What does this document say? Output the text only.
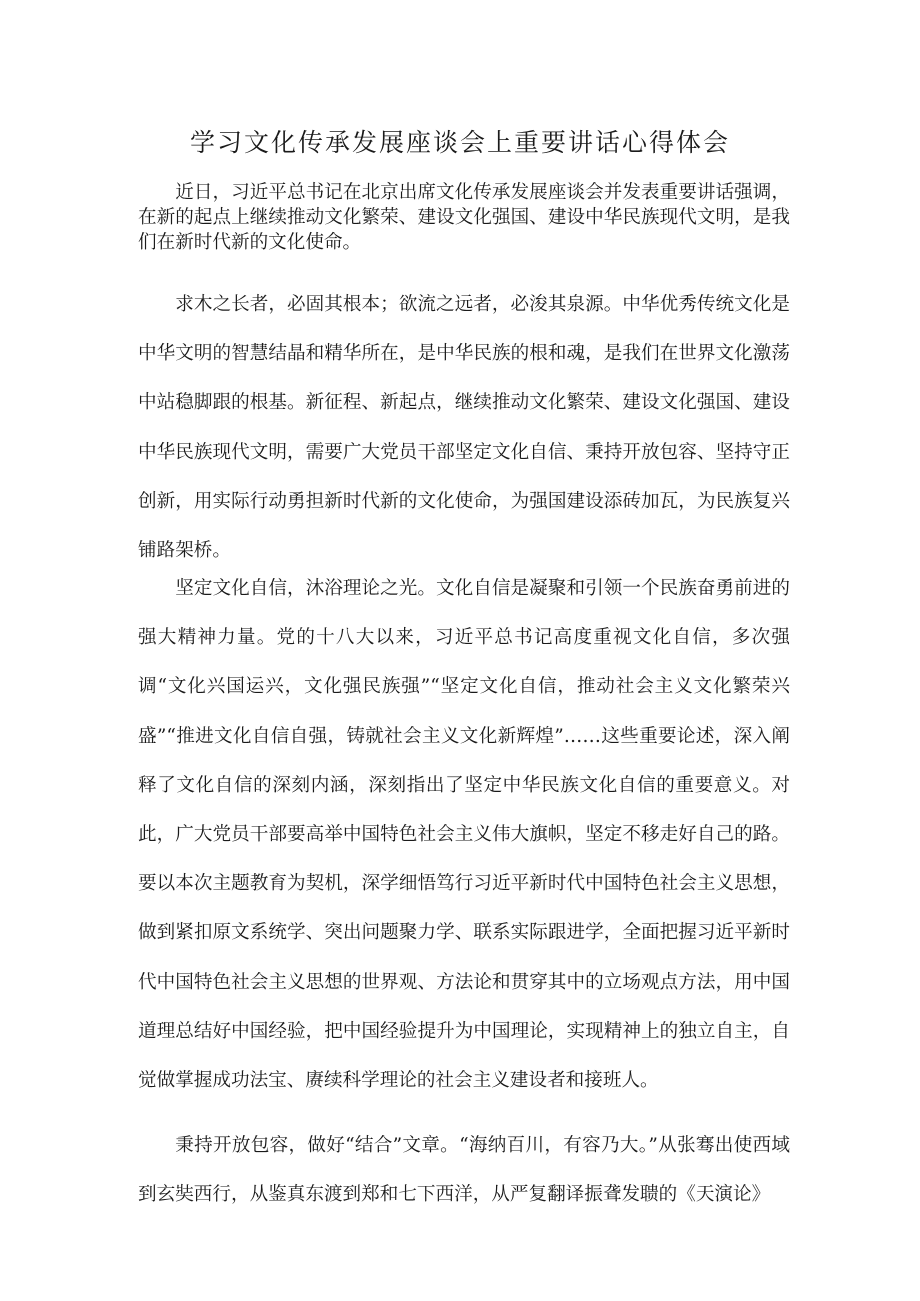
学习文化传承发展座谈会上重要讲话心得体会

近日，习近平总书记在北京出席文化传承发展座谈会并发表重要讲话强调，在新的起点上继续推动文化繁荣、建设文化强国、建设中华民族现代文明，是我们在新时代新的文化使命。

求木之长者，必固其根本；欲流之远者，必浚其泉源。中华优秀传统文化是中华文明的智慧结晶和精华所在，是中华民族的根和魂，是我们在世界文化激荡中站稳脚跟的根基。新征程、新起点，继续推动文化繁荣、建设文化强国、建设中华民族现代文明，需要广大党员干部坚定文化自信、秉持开放包容、坚持守正创新，用实际行动勇担新时代新的文化使命，为强国建设添砖加瓦，为民族复兴铺路架桥。

坚定文化自信，沐浴理论之光。文化自信是凝聚和引领一个民族奋勇前进的强大精神力量。党的十八大以来，习近平总书记高度重视文化自信，多次强调“文化兴国运兴，文化强民族强”“坚定文化自信，推动社会主义文化繁荣兴盛”“推进文化自信自强，铸就社会主义文化新辉煌”……这些重要论述，深入阐释了文化自信的深刻内涵，深刻指出了坚定中华民族文化自信的重要意义。对此，广大党员干部要高举中国特色社会主义伟大旗帜，坚定不移走好自己的路。要以本次主题教育为契机，深学细悟笃行习近平新时代中国特色社会主义思想，做到紧扣原文系统学、突出问题聚力学、联系实际跟进学，全面把握习近平新时代中国特色社会主义思想的世界观、方法论和贯穿其中的立场观点方法，用中国道理总结好中国经验，把中国经验提升为中国理论，实现精神上的独立自主，自觉做掌握成功法宝、赓续科学理论的社会主义建设者和接班人。

秉持开放包容，做好“结合”文章。“海纳百川，有容乃大。”从张骞出使西域到玄奘西行，从鉴真东渡到郑和七下西洋，从严复翻译振聋发聩的《天演论》
